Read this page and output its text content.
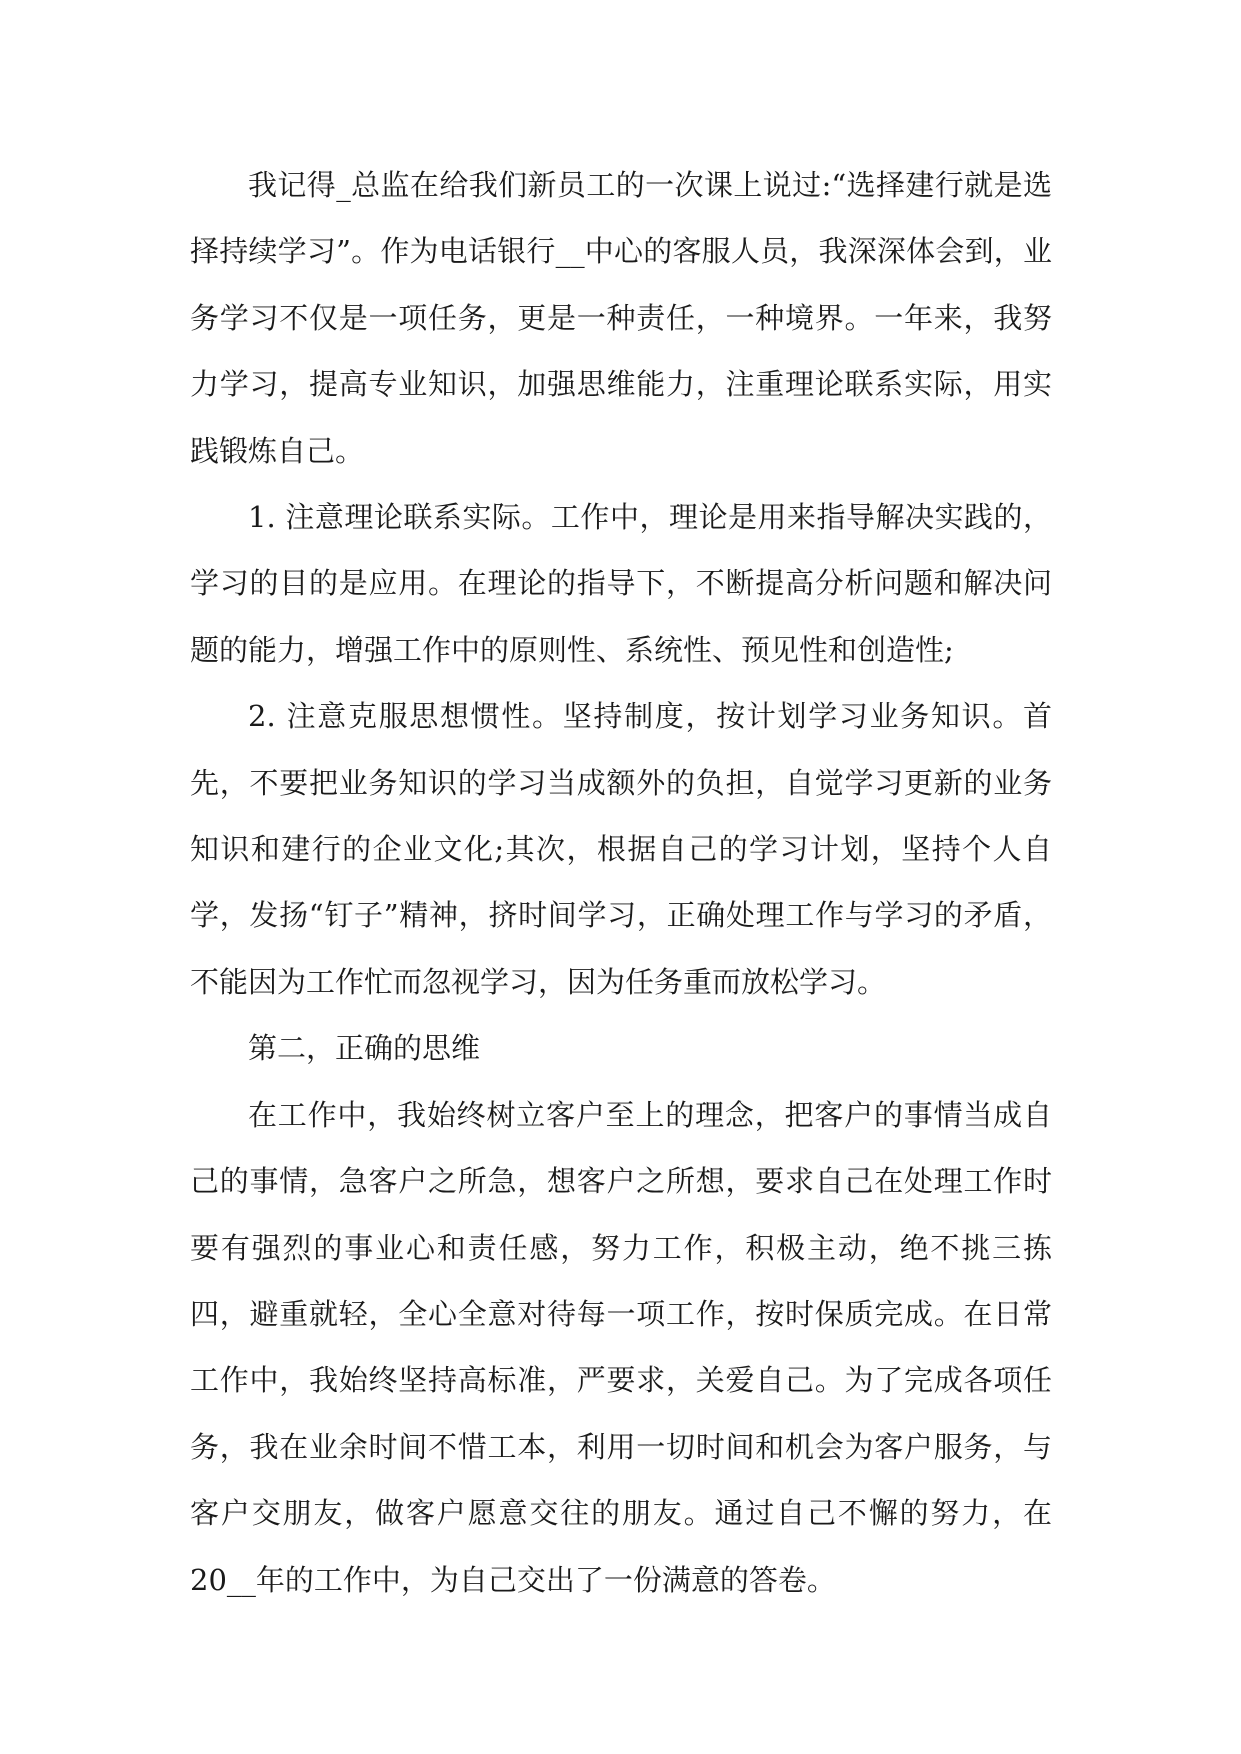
我记得_总监在给我们新员工的一次课上说过:“选择建行就是选择持续学习”。作为电话银行__中心的客服人员，我深深体会到，业务学习不仅是一项任务，更是一种责任，一种境界。一年来，我努力学习，提高专业知识，加强思维能力，注重理论联系实际，用实践锻炼自己。

1. 注意理论联系实际。工作中，理论是用来指导解决实践的，学习的目的是应用。在理论的指导下，不断提高分析问题和解决问题的能力，增强工作中的原则性、系统性、预见性和创造性;

2. 注意克服思想惯性。坚持制度，按计划学习业务知识。首先，不要把业务知识的学习当成额外的负担，自觉学习更新的业务知识和建行的企业文化;其次，根据自己的学习计划，坚持个人自学，发扬“钉子”精神，挤时间学习，正确处理工作与学习的矛盾，不能因为工作忙而忽视学习，因为任务重而放松学习。

第二，正确的思维

在工作中，我始终树立客户至上的理念，把客户的事情当成自己的事情，急客户之所急，想客户之所想，要求自己在处理工作时要有强烈的事业心和责任感，努力工作，积极主动，绝不挑三拣四，避重就轻，全心全意对待每一项工作，按时保质完成。在日常工作中，我始终坚持高标准，严要求，关爱自己。为了完成各项任务，我在业余时间不惜工本，利用一切时间和机会为客户服务，与客户交朋友，做客户愿意交往的朋友。通过自己不懈的努力，在20__年的工作中，为自己交出了一份满意的答卷。
